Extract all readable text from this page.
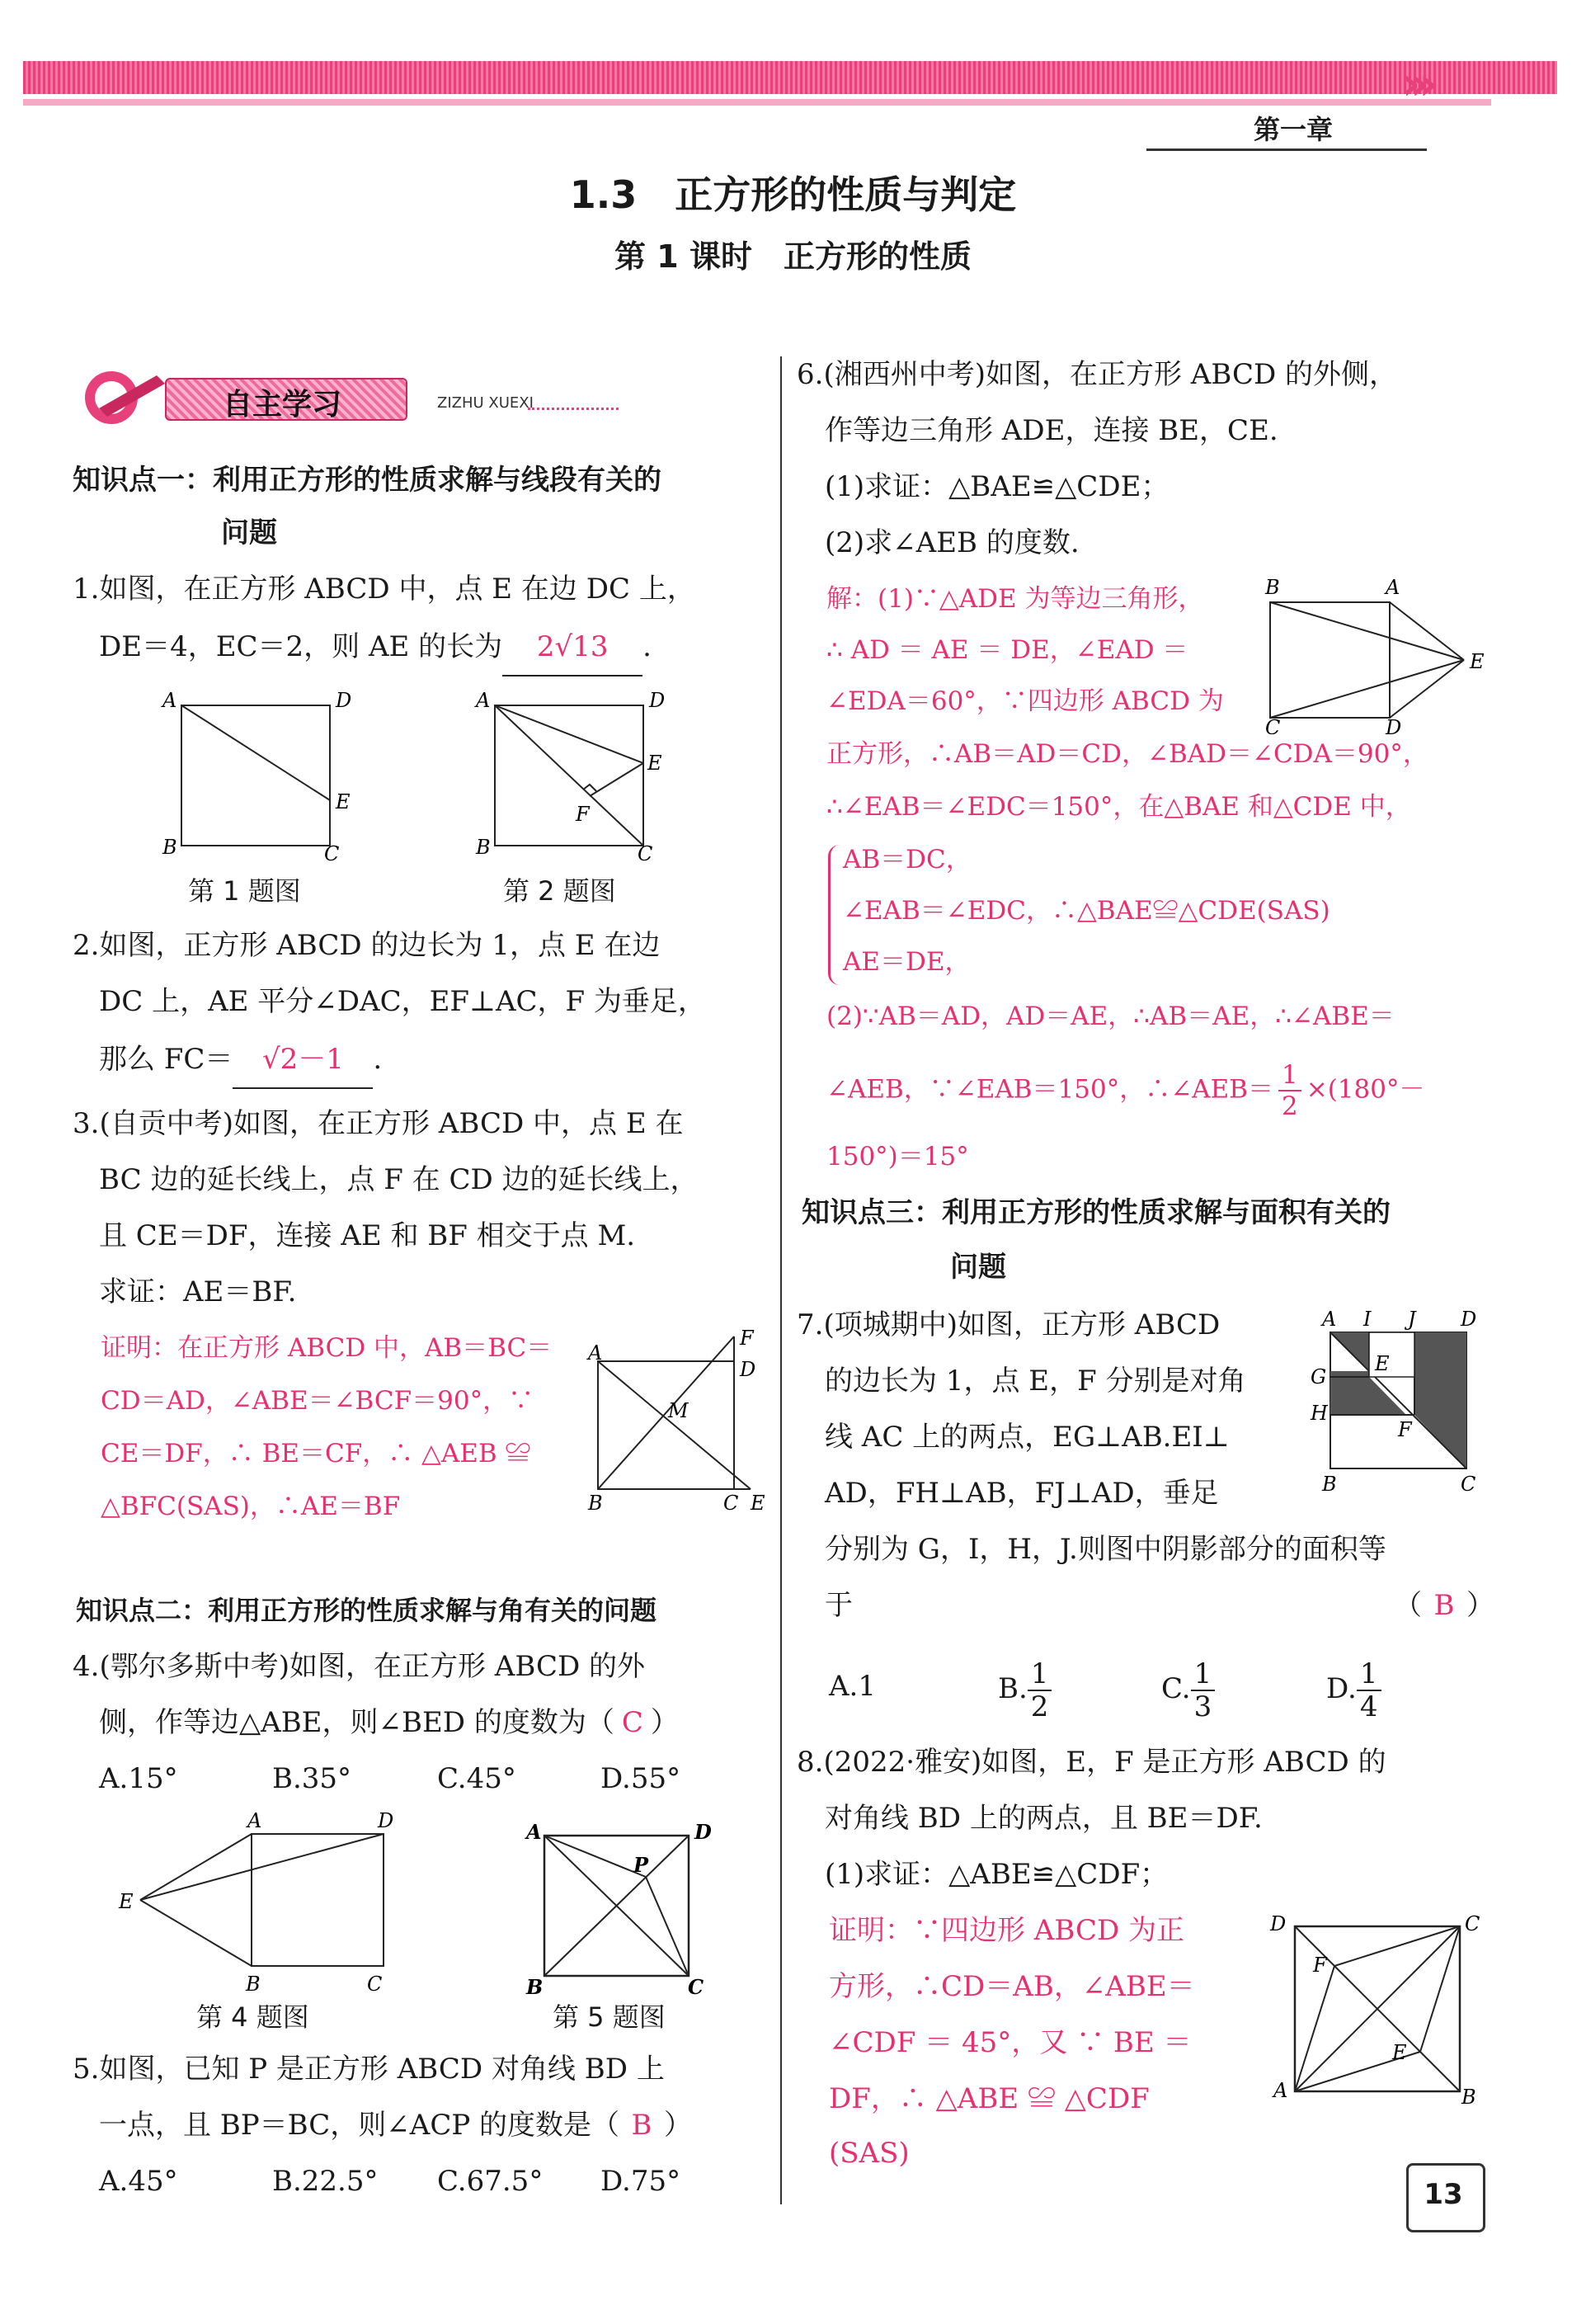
›››
第一章
1.3　正方形的性质与判定
第 1 课时　正方形的性质
自主学习	ZIZHU XUEXI
知识点一：利用正方形的性质求解与线段有关的
问题
1.如图，在正方形 ABCD 中，点 E 在边 DC 上，
DE＝4，EC＝2，则 AE 的长为 2√13 .
A	D
B	C
E
第 1 题图
A	D
B	C
E
F
第 2 题图
2.如图，正方形 ABCD 的边长为 1，点 E 在边
DC 上，AE 平分∠DAC，EF⊥AC，F 为垂足，
那么 FC＝ √2－1 .
3.(自贡中考)如图，在正方形 ABCD 中，点 E 在
BC 边的延长线上，点 F 在 CD 边的延长线上，
且 CE＝DF，连接 AE 和 BF 相交于点 M.
求证：AE＝BF.
证明：在正方形 ABCD 中，AB＝BC＝
CD＝AD，∠ABE＝∠BCF＝90°，∵
CE＝DF，∴ BE＝CF，∴ △AEB ≌
△BFC(SAS)，∴AE＝BF
A
F
D
M
B	C E
知识点二：利用正方形的性质求解与角有关的问题
4.(鄂尔多斯中考)如图，在正方形 ABCD 的外
侧，作等边△ABE，则∠BED 的度数为（ C ）
A.15°	B.35°	C.45°	D.55°
A	D
E
B	C
第 4 题图
A	D
P
B	C
第 5 题图
5.如图，已知 P 是正方形 ABCD 对角线 BD 上
一点，且 BP＝BC，则∠ACP 的度数是（ B ）
A.45°	B.22.5° C.67.5° D.75°
6.(湘西州中考)如图，在正方形 ABCD 的外侧，
作等边三角形 ADE，连接 BE，CE.
(1)求证：△BAE≌△CDE；
(2)求∠AEB 的度数.
解：(1)∵△ADE 为等边三角形，
∴ AD ＝ AE ＝ DE，∠EAD ＝
∠EDA＝60°，∵四边形 ABCD 为
正方形，∴AB＝AD＝CD，∠BAD＝∠CDA＝90°，
∴∠EAB＝∠EDC＝150°，在△BAE 和△CDE 中，
AB＝DC，
∠EAB＝∠EDC，∴△BAE≌△CDE(SAS)
AE＝DE，
(2)∵AB＝AD，AD＝AE，∴AB＝AE，∴∠ABE＝
∠AEB，∵∠EAB＝150°，∴∠AEB＝ $\frac{1}{2} \times(180^\circ-$
150°)＝15°
B	A
E
C	D
知识点三：利用正方形的性质求解与面积有关的
问题
7.(项城期中)如图，正方形 ABCD
的边长为 1，点 E，F 分别是对角
线 AC 上的两点，EG⊥AB.EI⊥
AD，FH⊥AB，FJ⊥AD，垂足
分别为 G，I，H，J.则图中阴影部分的面积等
于	（ B ）
A.1	B. $\frac{1}{2}$	C. $\frac{1}{3}$	D. $\frac{1}{4}$
A I J D
G
E
H
F
B	C
8.(2022·雅安)如图，E，F 是正方形 ABCD 的
对角线 BD 上的两点，且 BE＝DF.
(1)求证：△ABE≌△CDF；
证明：∵四边形 ABCD 为正
方形，∴CD＝AB，∠ABE＝
∠CDF ＝ 45°，又 ∵ BE ＝
DF，∴ △ABE ≌ △CDF
(SAS)
D	C
F
E
A	B
13
